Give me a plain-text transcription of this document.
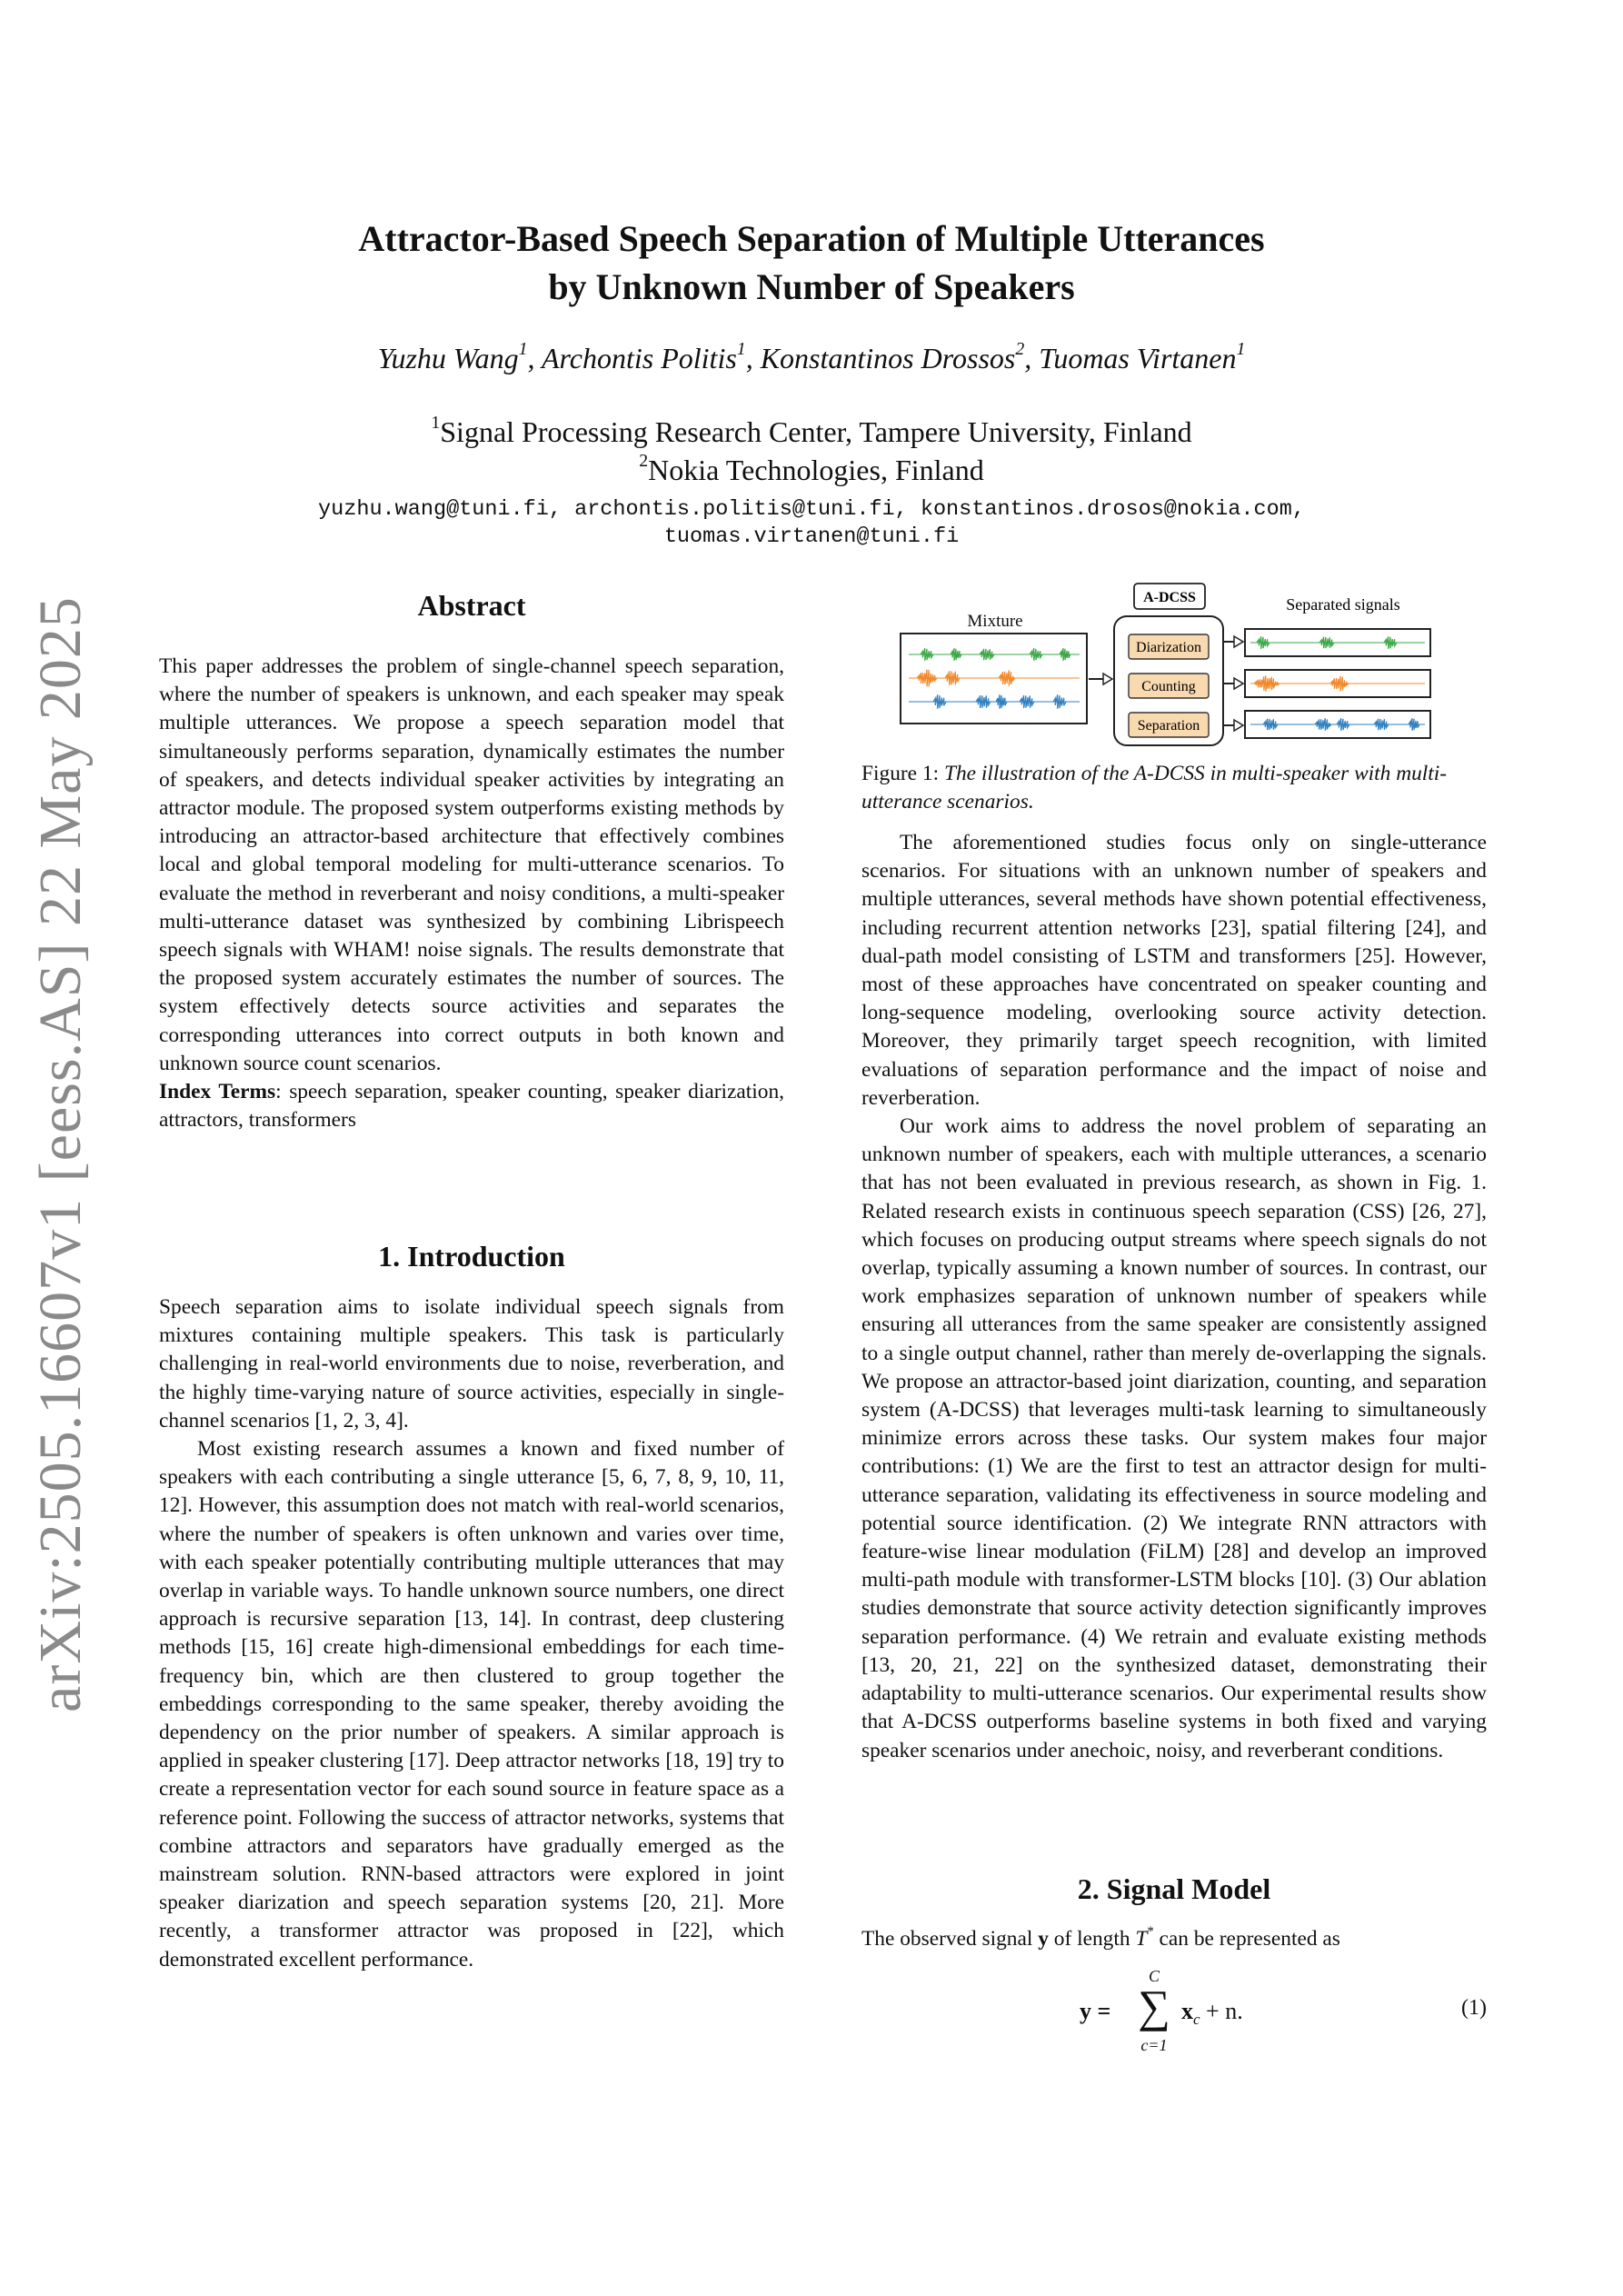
arXiv:2505.16607v1 [eess.AS] 22 May 2025
Attractor-Based Speech Separation of Multiple Utterances
by Unknown Number of Speakers
Yuzhu Wang$^1$, Archontis Politis$^1$, Konstantinos Drossos$^2$, Tuomas Virtanen$^1$
$^1$Signal Processing Research Center, Tampere University, Finland
$^2$Nokia Technologies, Finland
yuzhu.wang@tuni.fi, archontis.politis@tuni.fi, konstantinos.drosos@nokia.com,
tuomas.virtanen@tuni.fi
Abstract

This paper addresses the problem of single-channel speech separation, where the number of speakers is unknown, and each speaker may speak multiple utterances. We propose a speech separation model that simultaneously performs separation, dynamically estimates the number of speakers, and detects individual speaker activities by integrating an attractor module. The proposed system outperforms existing methods by introducing an attractor-based architecture that effectively combines local and global temporal modeling for multi-utterance scenarios. To evaluate the method in reverberant and noisy conditions, a multi-speaker multi-utterance dataset was synthesized by combining Librispeech speech signals with WHAM! noise signals. The results demonstrate that the proposed system accurately estimates the number of sources. The system effectively detects source activities and separates the corresponding utterances into correct outputs in both known and unknown source count scenarios.

Index Terms: speech separation, speaker counting, speaker diarization, attractors, transformers

1. Introduction

Speech separation aims to isolate individual speech signals from mixtures containing multiple speakers. This task is particularly challenging in real-world environments due to noise, reverberation, and the highly time-varying nature of source activities, especially in single-channel scenarios [1, 2, 3, 4].

Most existing research assumes a known and fixed number of speakers with each contributing a single utterance [5, 6, 7, 8, 9, 10, 11, 12]. However, this assumption does not match with real-world scenarios, where the number of speakers is often unknown and varies over time, with each speaker potentially contributing multiple utterances that may overlap in variable ways. To handle unknown source numbers, one direct approach is recursive separation [13, 14]. In contrast, deep clustering methods [15, 16] create high-dimensional embeddings for each time-frequency bin, which are then clustered to group together the embeddings corresponding to the same speaker, thereby avoiding the dependency on the prior number of speakers. A similar approach is applied in speaker clustering [17]. Deep attractor networks [18, 19] try to create a representation vector for each sound source in feature space as a reference point. Following the success of attractor networks, systems that combine attractors and separators have gradually emerged as the mainstream solution. RNN-based attractors were explored in joint speaker diarization and speech separation systems [20, 21]. More recently, a transformer attractor was proposed in [22], which demonstrated excellent performance.

Mixture
A-DCSS
Diarization
Counting
Separation
Separated signals
Figure 1: The illustration of the A-DCSS in multi-speaker with multi-utterance scenarios.

The aforementioned studies focus only on single-utterance scenarios. For situations with an unknown number of speakers and multiple utterances, several methods have shown potential effectiveness, including recurrent attention networks [23], spatial filtering [24], and dual-path model consisting of LSTM and transformers [25]. However, most of these approaches have concentrated on speaker counting and long-sequence modeling, overlooking source activity detection. Moreover, they primarily target speech recognition, with limited evaluations of separation performance and the impact of noise and reverberation.

Our work aims to address the novel problem of separating an unknown number of speakers, each with multiple utterances, a scenario that has not been evaluated in previous research, as shown in Fig. 1. Related research exists in continuous speech separation (CSS) [26, 27], which focuses on producing output streams where speech signals do not overlap, typically assuming a known number of sources. In contrast, our work emphasizes separation of unknown number of speakers while ensuring all utterances from the same speaker are consistently assigned to a single output channel, rather than merely de-overlapping the signals. We propose an attractor-based joint diarization, counting, and separation system (A-DCSS) that leverages multi-task learning to simultaneously minimize errors across these tasks. Our system makes four major contributions: (1) We are the first to test an attractor design for multi-utterance separation, validating its effectiveness in source modeling and potential source identification. (2) We integrate RNN attractors with feature-wise linear modulation (FiLM) [28] and develop an improved multi-path module with transformer-LSTM blocks [10]. (3) Our ablation studies demonstrate that source activity detection significantly improves separation performance. (4) We retrain and evaluate existing methods [13, 20, 21, 22] on the synthesized dataset, demonstrating their adaptability to multi-utterance scenarios. Our experimental results show that A-DCSS outperforms baseline systems in both fixed and varying speaker scenarios under anechoic, noisy, and reverberant conditions.

2. Signal Model

The observed signal y of length T* can be represented as

y =
C
∑
c=1
$x_c + n$.	(1)
